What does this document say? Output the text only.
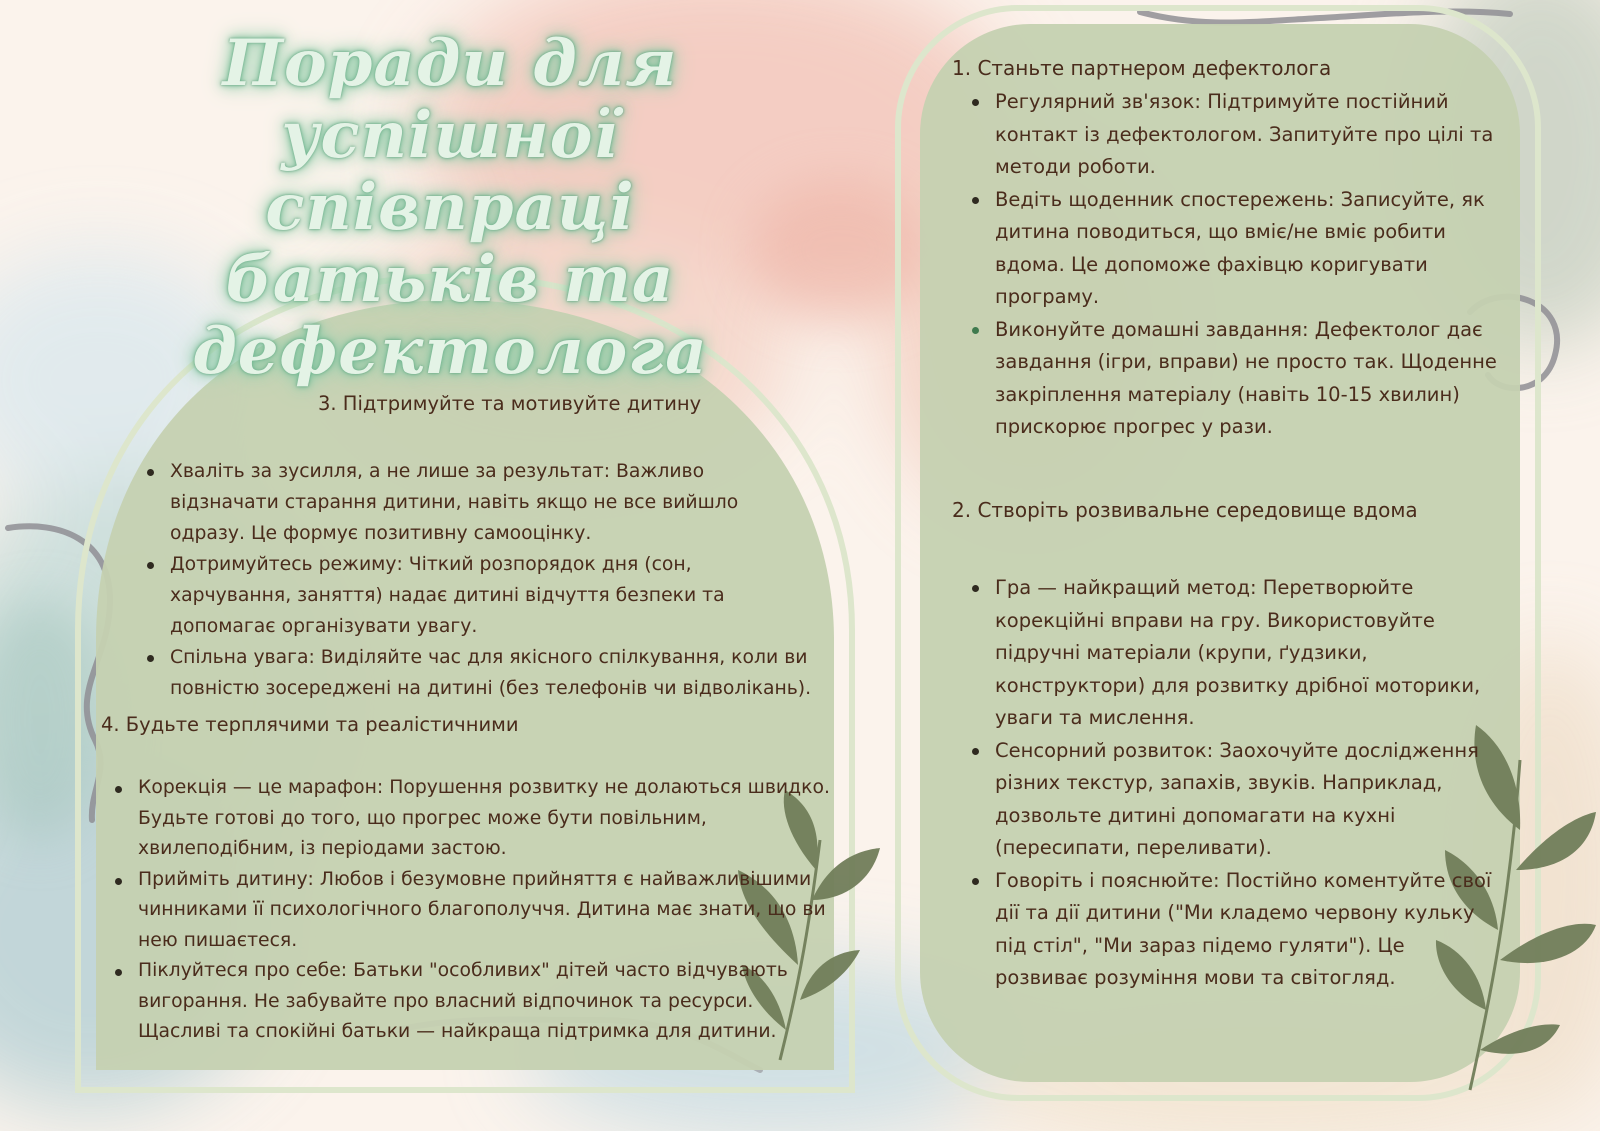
Поради для успішної
співпраці батьків та
дефектолога
3. Підтримуйте та мотивуйте дитину
Хваліть за зусилля, а не лише за результат: Важливо відзначати старання дитини, навіть якщо не все вийшло одразу. Це формує позитивну самооцінку.
Дотримуйтесь режиму: Чіткий розпорядок дня (сон, харчування, заняття) надає дитині відчуття безпеки та допомагає організувати увагу.
Спільна увага: Виділяйте час для якісного спілкування, коли ви повністю зосереджені на дитині (без телефонів чи відволікань).
4. Будьте терплячими та реалістичними
Корекція — це марафон: Порушення розвитку не долаються швидко. Будьте готові до того, що прогрес може бути повільним, хвилеподібним, із періодами застою.
Прийміть дитину: Любов і безумовне прийняття є найважливішими чинниками її психологічного благополуччя. Дитина має знати, що ви нею пишаєтеся.
Піклуйтеся про себе: Батьки "особливих" дітей часто відчувають вигорання. Не забувайте про власний відпочинок та ресурси. Щасливі та спокійні батьки — найкраща підтримка для дитини.
1. Станьте партнером дефектолога
Регулярний зв'язок: Підтримуйте постійний контакт із дефектологом. Запитуйте про цілі та методи роботи.
Ведіть щоденник спостережень: Записуйте, як дитина поводиться, що вміє/не вміє робити вдома. Це допоможе фахівцю коригувати програму.
Виконуйте домашні завдання: Дефектолог дає завдання (ігри, вправи) не просто так. Щоденне закріплення матеріалу (навіть 10-15 хвилин) прискорює прогрес у рази.
2. Створіть розвивальне середовище вдома
Гра — найкращий метод: Перетворюйте корекційні вправи на гру. Використовуйте підручні матеріали (крупи, ґудзики, конструктори) для розвитку дрібної моторики, уваги та мислення.
Сенсорний розвиток: Заохочуйте дослідження різних текстур, запахів, звуків. Наприклад, дозвольте дитині допомагати на кухні (пересипати, переливати).
Говоріть і пояснюйте: Постійно коментуйте свої дії та дії дитини ("Ми кладемо червону кульку під стіл", "Ми зараз підемо гуляти"). Це розвиває розуміння мови та світогляд.
